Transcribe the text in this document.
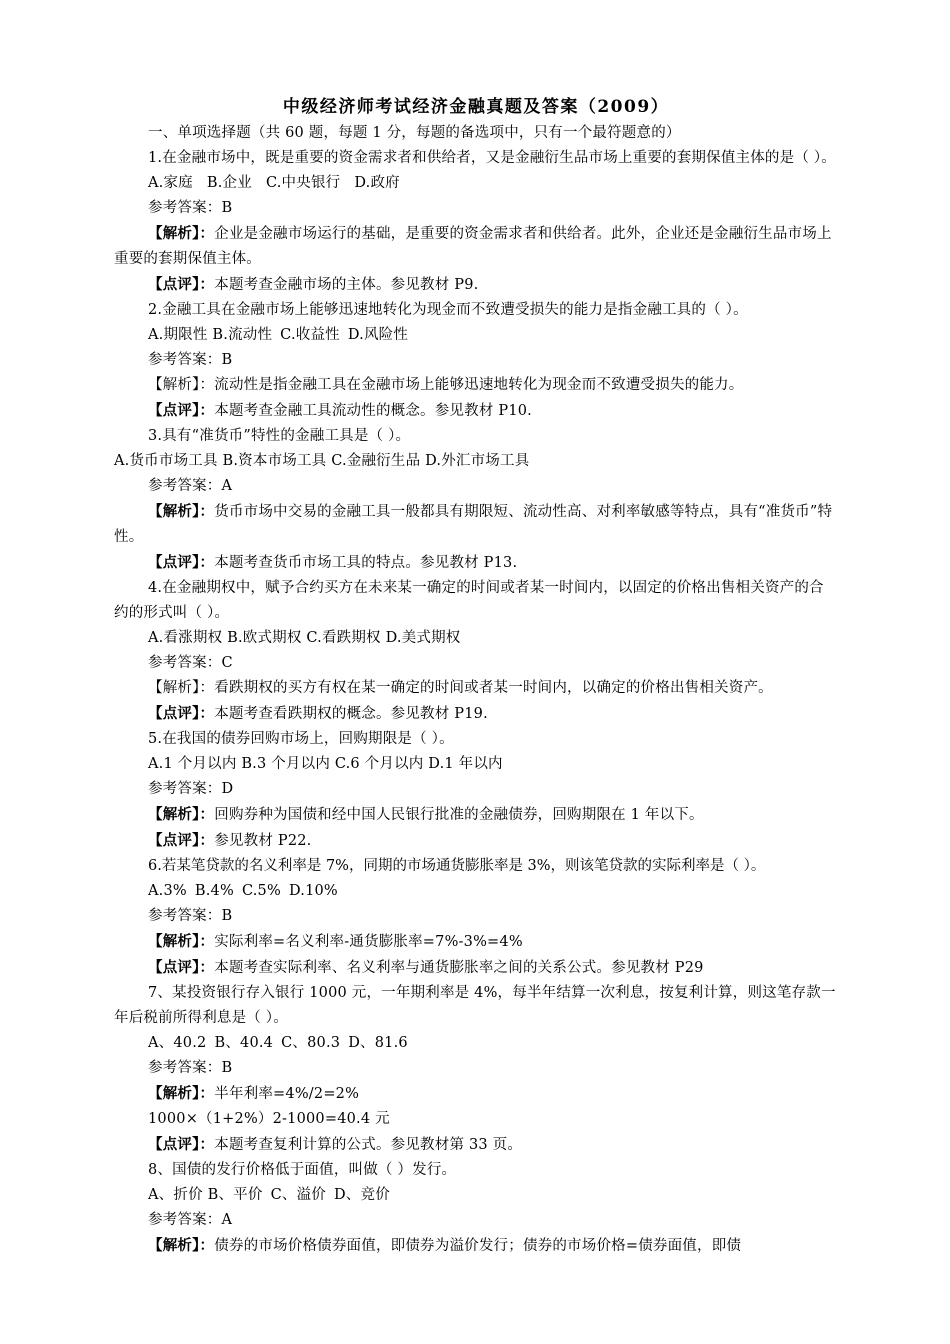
中级经济师考试经济金融真题及答案（2009）

一、单项选择题（共 60 题，每题 1 分，每题的备选项中，只有一个最符题意的）

1.在金融市场中，既是重要的资金需求者和供给者，又是金融衍生品市场上重要的套期保值主体的是（ ）。

A.家庭 B.企业 C.中央银行 D.政府

参考答案：B

【解析】：企业是金融市场运行的基础，是重要的资金需求者和供给者。此外，企业还是金融衍生品市场上重要的套期保值主体。

【点评】：本题考查金融市场的主体。参见教材 P9.

2.金融工具在金融市场上能够迅速地转化为现金而不致遭受损失的能力是指金融工具的（ ）。

A.期限性 B.流动性 C.收益性 D.风险性

参考答案：B

【解析】：流动性是指金融工具在金融市场上能够迅速地转化为现金而不致遭受损失的能力。

【点评】：本题考查金融工具流动性的概念。参见教材 P10.

3.具有“准货币”特性的金融工具是（ ）。

A.货币市场工具 B.资本市场工具 C.金融衍生品 D.外汇市场工具

参考答案：A

【解析】：货币市场中交易的金融工具一般都具有期限短、流动性高、对利率敏感等特点，具有“准货币”特性。

【点评】：本题考查货币市场工具的特点。参见教材 P13.

4.在金融期权中，赋予合约买方在未来某一确定的时间或者某一时间内，以固定的价格出售相关资产的合约的形式叫（ ）。

A.看涨期权 B.欧式期权 C.看跌期权 D.美式期权

参考答案：C

【解析】：看跌期权的买方有权在某一确定的时间或者某一时间内，以确定的价格出售相关资产。

【点评】：本题考查看跌期权的概念。参见教材 P19.

5.在我国的债券回购市场上，回购期限是（ ）。

A.1 个月以内 B.3 个月以内 C.6 个月以内 D.1 年以内

参考答案：D

【解析】：回购券种为国债和经中国人民银行批准的金融债券，回购期限在 1 年以下。

【点评】：参见教材 P22.

6.若某笔贷款的名义利率是 7%，同期的市场通货膨胀率是 3%，则该笔贷款的实际利率是（ ）。

A.3% B.4% C.5% D.10%

参考答案：B

【解析】：实际利率=名义利率-通货膨胀率=7%-3%=4%

【点评】：本题考查实际利率、名义利率与通货膨胀率之间的关系公式。参见教材 P29

7、某投资银行存入银行 1000 元，一年期利率是 4%，每半年结算一次利息，按复利计算，则这笔存款一年后税前所得利息是（ ）。

A、40.2 B、40.4 C、80.3 D、81.6

参考答案：B

【解析】：半年利率=4%/2=2%

1000×（1+2%）2-1000=40.4 元

【点评】：本题考查复利计算的公式。参见教材第 33 页。

8、国债的发行价格低于面值，叫做（ ）发行。

A、折价 B、平价 C、溢价 D、竞价

参考答案：A

【解析】：债券的市场价格债券面值，即债券为溢价发行；债券的市场价格=债券面值，即债
